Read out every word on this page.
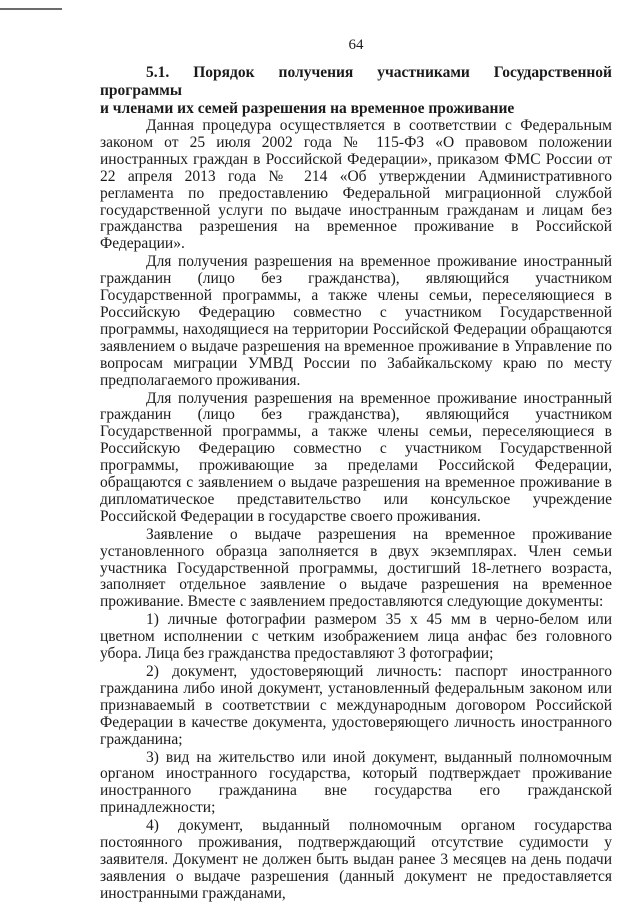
64
5.1. Порядок получения участниками Государственной программы
и членами их семей разрешения на временное проживание

Данная процедура осуществляется в соответствии с Федеральным законом от 25 июля 2002 года № 115-ФЗ «О правовом положении иностранных граждан в Российской Федерации», приказом ФМС России от 22 апреля 2013 года № 214 «Об утверждении Административного регламента по предоставлению Федеральной миграционной службой государственной услуги по выдаче иностранным гражданам и лицам без гражданства разрешения на временное проживание в Российской Федерации».

Для получения разрешения на временное проживание иностранный гражданин (лицо без гражданства), являющийся участником Государственной программы, а также члены семьи, переселяющиеся в Российскую Федерацию совместно с участником Государственной программы, находящиеся на территории Российской Федерации обращаются заявлением о выдаче разрешения на временное проживание в Управление по вопросам миграции УМВД России по Забайкальскому краю по месту предполагаемого проживания.

Для получения разрешения на временное проживание иностранный гражданин (лицо без гражданства), являющийся участником Государственной программы, а также члены семьи, переселяющиеся в Российскую Федерацию совместно с участником Государственной программы, проживающие за пределами Российской Федерации, обращаются с заявлением о выдаче разрешения на временное проживание в дипломатическое представительство или консульское учреждение Российской Федерации в государстве своего проживания.

Заявление о выдаче разрешения на временное проживание установленного образца заполняется в двух экземплярах. Член семьи участника Государственной программы, достигший 18-летнего возраста, заполняет отдельное заявление о выдаче разрешения на временное проживание. Вместе с заявлением предоставляются следующие документы:

1) личные фотографии размером 35 х 45 мм в черно-белом или цветном исполнении с четким изображением лица анфас без головного убора. Лица без гражданства предоставляют 3 фотографии;

2) документ, удостоверяющий личность: паспорт иностранного гражданина либо иной документ, установленный федеральным законом или признаваемый в соответствии с международным договором Российской Федерации в качестве документа, удостоверяющего личность иностранного гражданина;

3) вид на жительство или иной документ, выданный полномочным органом иностранного государства, который подтверждает проживание иностранного гражданина вне государства его гражданской принадлежности;

4) документ, выданный полномочным органом государства постоянного проживания, подтверждающий отсутствие судимости у заявителя. Документ не должен быть выдан ранее 3 месяцев на день подачи заявления о выдаче разрешения (данный документ не предоставляется иностранными гражданами,
